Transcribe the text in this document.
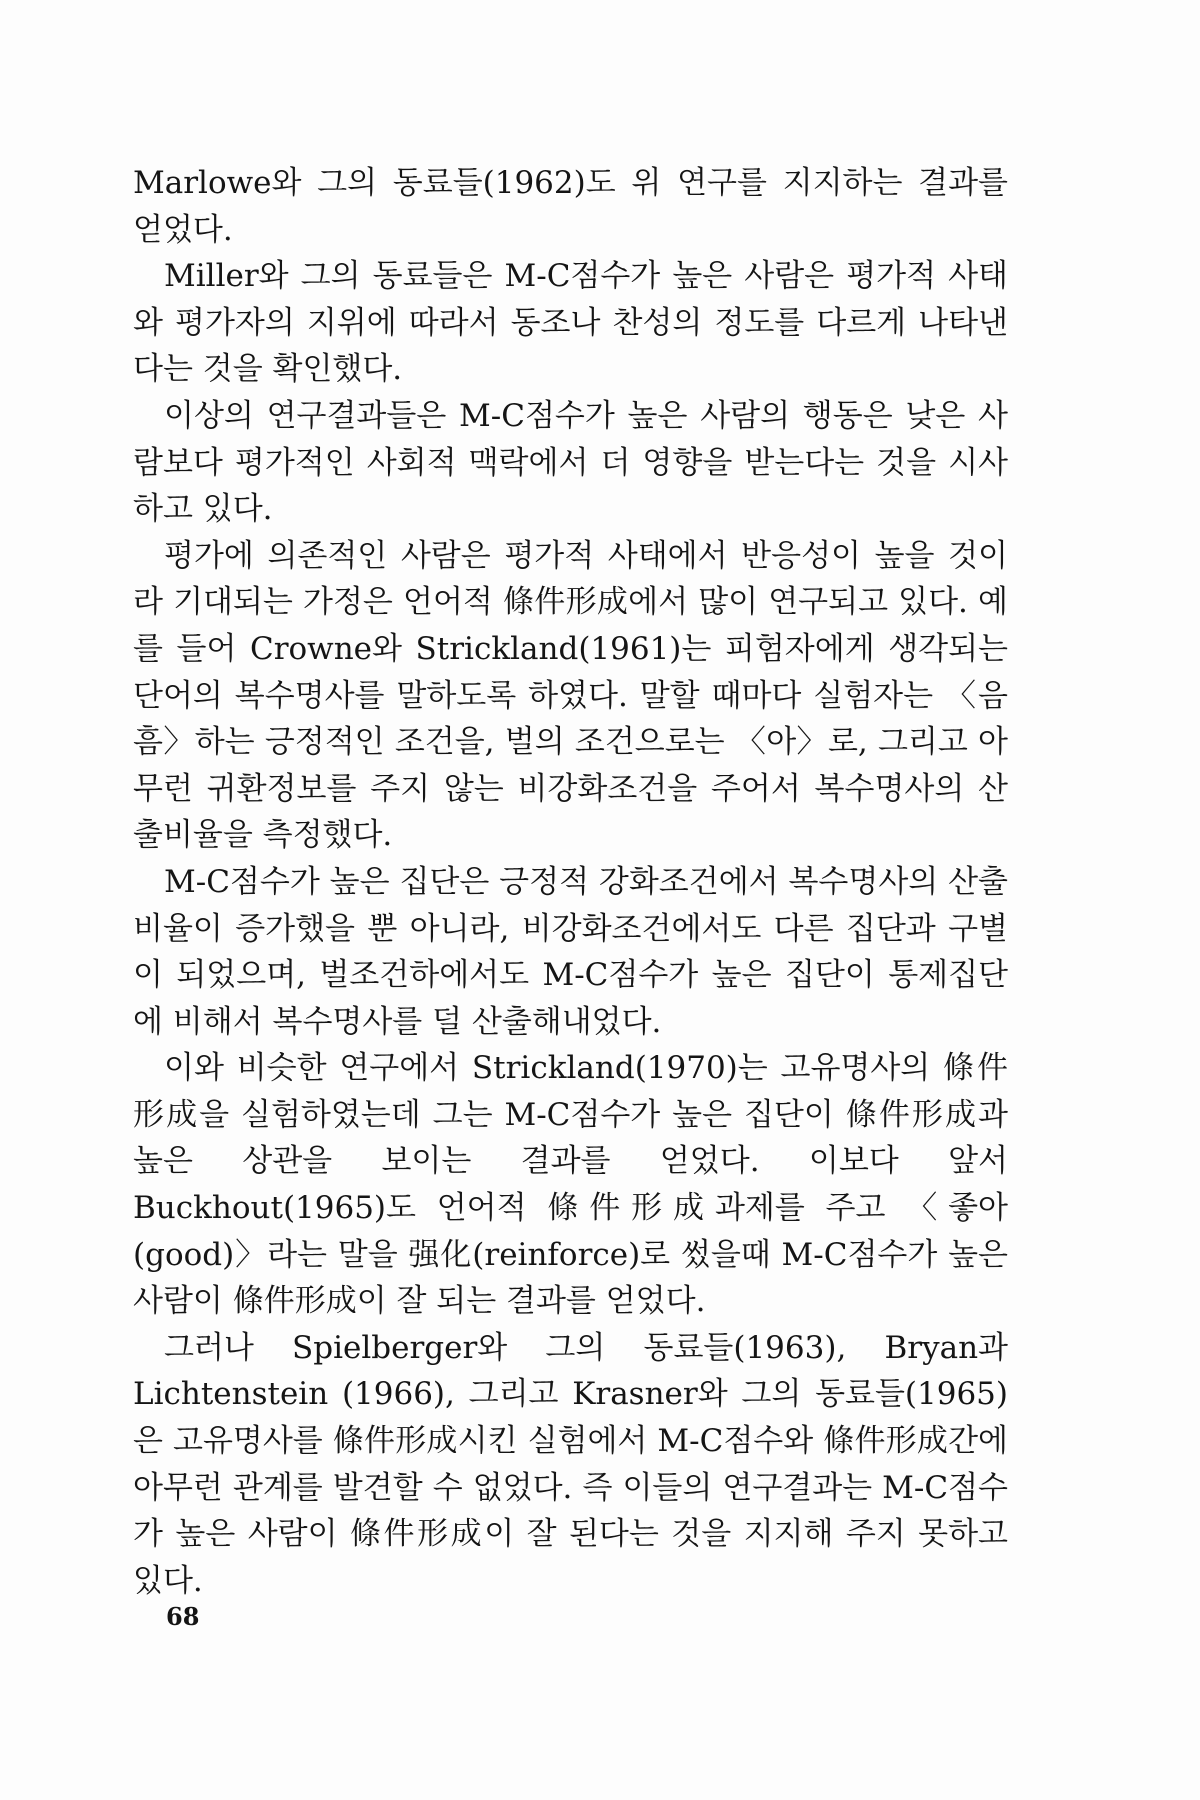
Marlowe와 그의 동료들(1962)도 위 연구를 지지하는 결과를 얻었다.

Miller와 그의 동료들은 M-C점수가 높은 사람은 평가적 사태와 평가자의 지위에 따라서 동조나 찬성의 정도를 다르게 나타낸다는 것을 확인했다.

이상의 연구결과들은 M-C점수가 높은 사람의 행동은 낮은 사람보다 평가적인 사회적 맥락에서 더 영향을 받는다는 것을 시사하고 있다.

평가에 의존적인 사람은 평가적 사태에서 반응성이 높을 것이라 기대되는 가정은 언어적 條件形成에서 많이 연구되고 있다. 예를 들어 Crowne와 Strickland(1961)는 피험자에게 생각되는 단어의 복수명사를 말하도록 하였다. 말할 때마다 실험자는 〈음흠〉하는 긍정적인 조건을, 벌의 조건으로는 〈아〉로, 그리고 아무런 귀환정보를 주지 않는 비강화조건을 주어서 복수명사의 산출비율을 측정했다.

M-C점수가 높은 집단은 긍정적 강화조건에서 복수명사의 산출비율이 증가했을 뿐 아니라, 비강화조건에서도 다른 집단과 구별이 되었으며, 벌조건하에서도 M-C점수가 높은 집단이 통제집단에 비해서 복수명사를 덜 산출해내었다.

이와 비슷한 연구에서 Strickland(1970)는 고유명사의 條件形成을 실험하였는데 그는 M-C점수가 높은 집단이 條件形成과 높은 상관을 보이는 결과를 얻었다. 이보다 앞서 Buckhout(1965)도 언어적 條件形成과제를 주고 〈좋아(good)〉라는 말을 强化(reinforce)로 썼을때 M-C점수가 높은 사람이 條件形成이 잘 되는 결과를 얻었다.

그러나 Spielberger와 그의 동료들(1963), Bryan과 Lichtenstein (1966), 그리고 Krasner와 그의 동료들(1965)은 고유명사를 條件形成시킨 실험에서 M-C점수와 條件形成간에 아무런 관계를 발견할 수 없었다. 즉 이들의 연구결과는 M-C점수가 높은 사람이 條件形成이 잘 된다는 것을 지지해 주지 못하고 있다.

68
